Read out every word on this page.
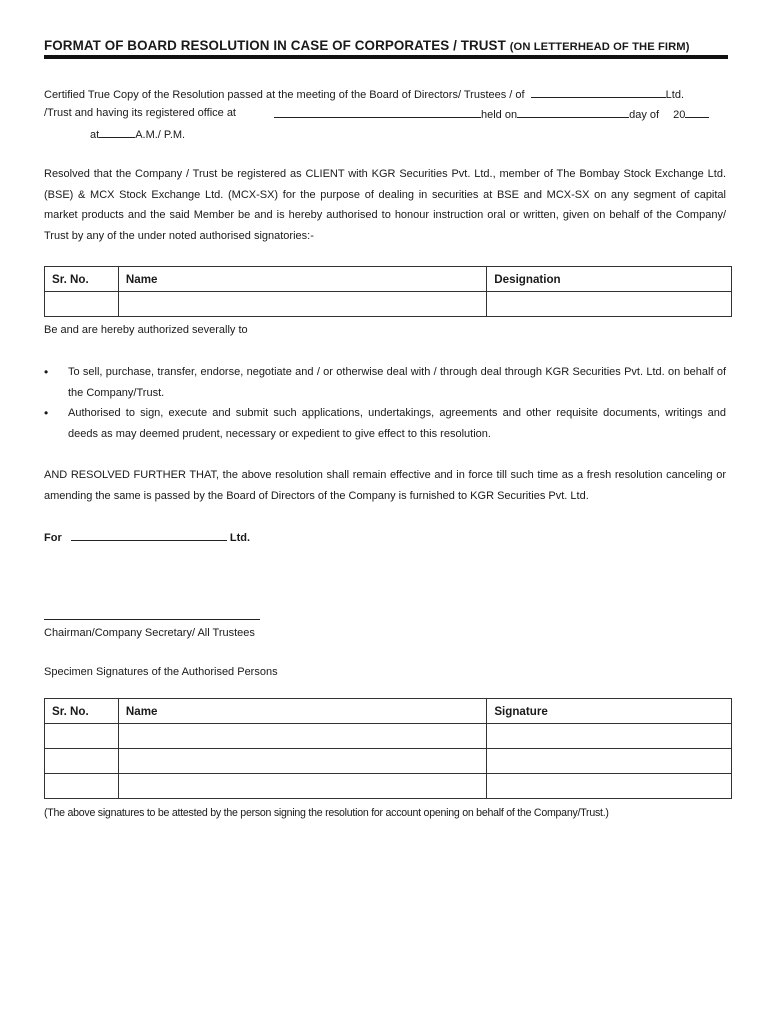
FORMAT OF BOARD RESOLUTION IN CASE OF CORPORATES / TRUST (ON LETTERHEAD OF THE FIRM)
Certified True Copy of the Resolution passed at the meeting of the Board of Directors/ Trustees / of	Ltd.
/Trust and having its registered office at	held on	day of 20
at	A.M./ P.M.
Resolved that the Company / Trust be registered as CLIENT with KGR Securities Pvt. Ltd., member of The Bombay Stock Exchange Ltd. (BSE) & MCX Stock Exchange Ltd. (MCX-SX) for the purpose of dealing in securities at BSE and MCX-SX on any segment of capital market products and the said Member be and is hereby authorised to honour instruction oral or written, given on behalf of the Company/ Trust by any of the under noted authorised signatories:-
Sr. No.	Name	Designation

Be and are hereby authorized severally to
• To sell, purchase, transfer, endorse, negotiate and / or otherwise deal with / through deal through KGR Securities Pvt. Ltd. on behalf of the Company/Trust.
• Authorised to sign, execute and submit such applications, undertakings, agreements and other requisite documents, writings and deeds as may deemed prudent, necessary or expedient to give effect to this resolution.
AND RESOLVED FURTHER THAT, the above resolution shall remain effective and in force till such time as a fresh resolution canceling or amending the same is passed by the Board of Directors of the Company is furnished to KGR Securities Pvt. Ltd.
For	Ltd.
Chairman/Company Secretary/ All Trustees
Specimen Signatures of the Authorised Persons
Sr. No.	Name	Signature

(The above signatures to be attested by the person signing the resolution for account opening on behalf of the Company/Trust.)
